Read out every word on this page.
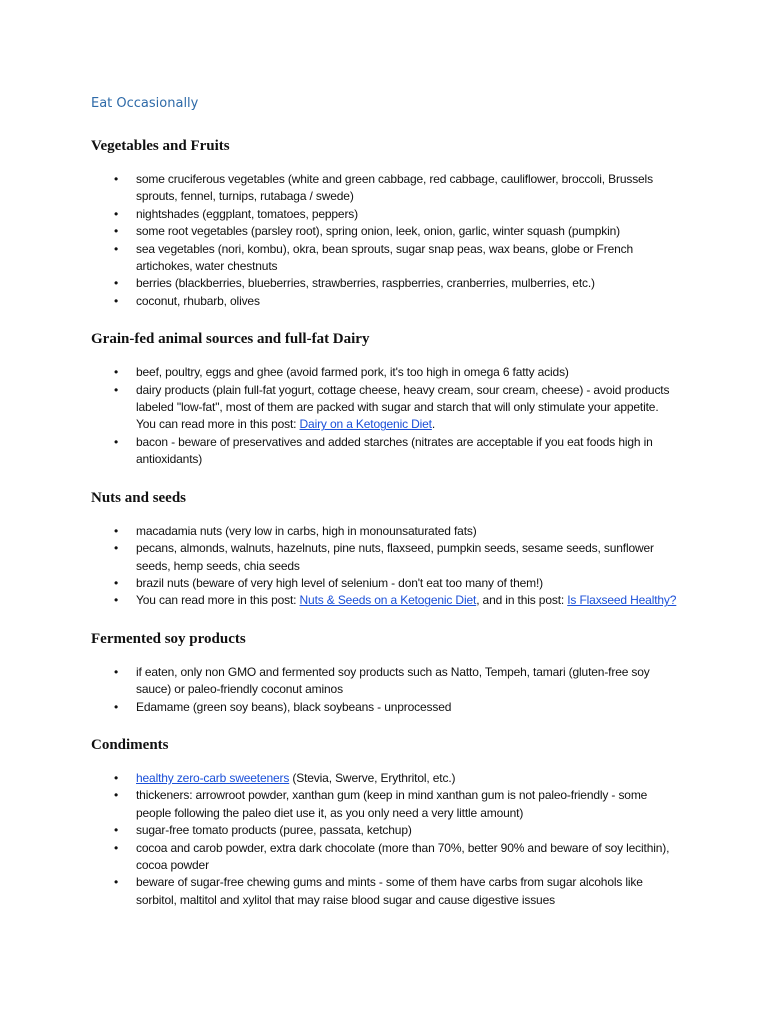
Eat Occasionally
Vegetables and Fruits
• some cruciferous vegetables (white and green cabbage, red cabbage, cauliflower, broccoli, Brussels sprouts, fennel, turnips, rutabaga / swede)
• nightshades (eggplant, tomatoes, peppers)
• some root vegetables (parsley root), spring onion, leek, onion, garlic, winter squash (pumpkin)
• sea vegetables (nori, kombu), okra, bean sprouts, sugar snap peas, wax beans, globe or French artichokes, water chestnuts
• berries (blackberries, blueberries, strawberries, raspberries, cranberries, mulberries, etc.)
• coconut, rhubarb, olives
Grain-fed animal sources and full-fat Dairy
• beef, poultry, eggs and ghee (avoid farmed pork, it's too high in omega 6 fatty acids)
• dairy products (plain full-fat yogurt, cottage cheese, heavy cream, sour cream, cheese) - avoid products labeled "low-fat", most of them are packed with sugar and starch that will only stimulate your appetite. You can read more in this post: Dairy on a Ketogenic Diet.
• bacon - beware of preservatives and added starches (nitrates are acceptable if you eat foods high in antioxidants)
Nuts and seeds
• macadamia nuts (very low in carbs, high in monounsaturated fats)
• pecans, almonds, walnuts, hazelnuts, pine nuts, flaxseed, pumpkin seeds, sesame seeds, sunflower seeds, hemp seeds, chia seeds
• brazil nuts (beware of very high level of selenium - don't eat too many of them!)
• You can read more in this post: Nuts & Seeds on a Ketogenic Diet, and in this post: Is Flaxseed Healthy?
Fermented soy products
• if eaten, only non GMO and fermented soy products such as Natto, Tempeh, tamari (gluten-free soy sauce) or paleo-friendly coconut aminos
• Edamame (green soy beans), black soybeans - unprocessed
Condiments
• healthy zero-carb sweeteners (Stevia, Swerve, Erythritol, etc.)
• thickeners: arrowroot powder, xanthan gum (keep in mind xanthan gum is not paleo-friendly - some people following the paleo diet use it, as you only need a very little amount)
• sugar-free tomato products (puree, passata, ketchup)
• cocoa and carob powder, extra dark chocolate (more than 70%, better 90% and beware of soy lecithin), cocoa powder
• beware of sugar-free chewing gums and mints - some of them have carbs from sugar alcohols like sorbitol, maltitol and xylitol that may raise blood sugar and cause digestive issues
